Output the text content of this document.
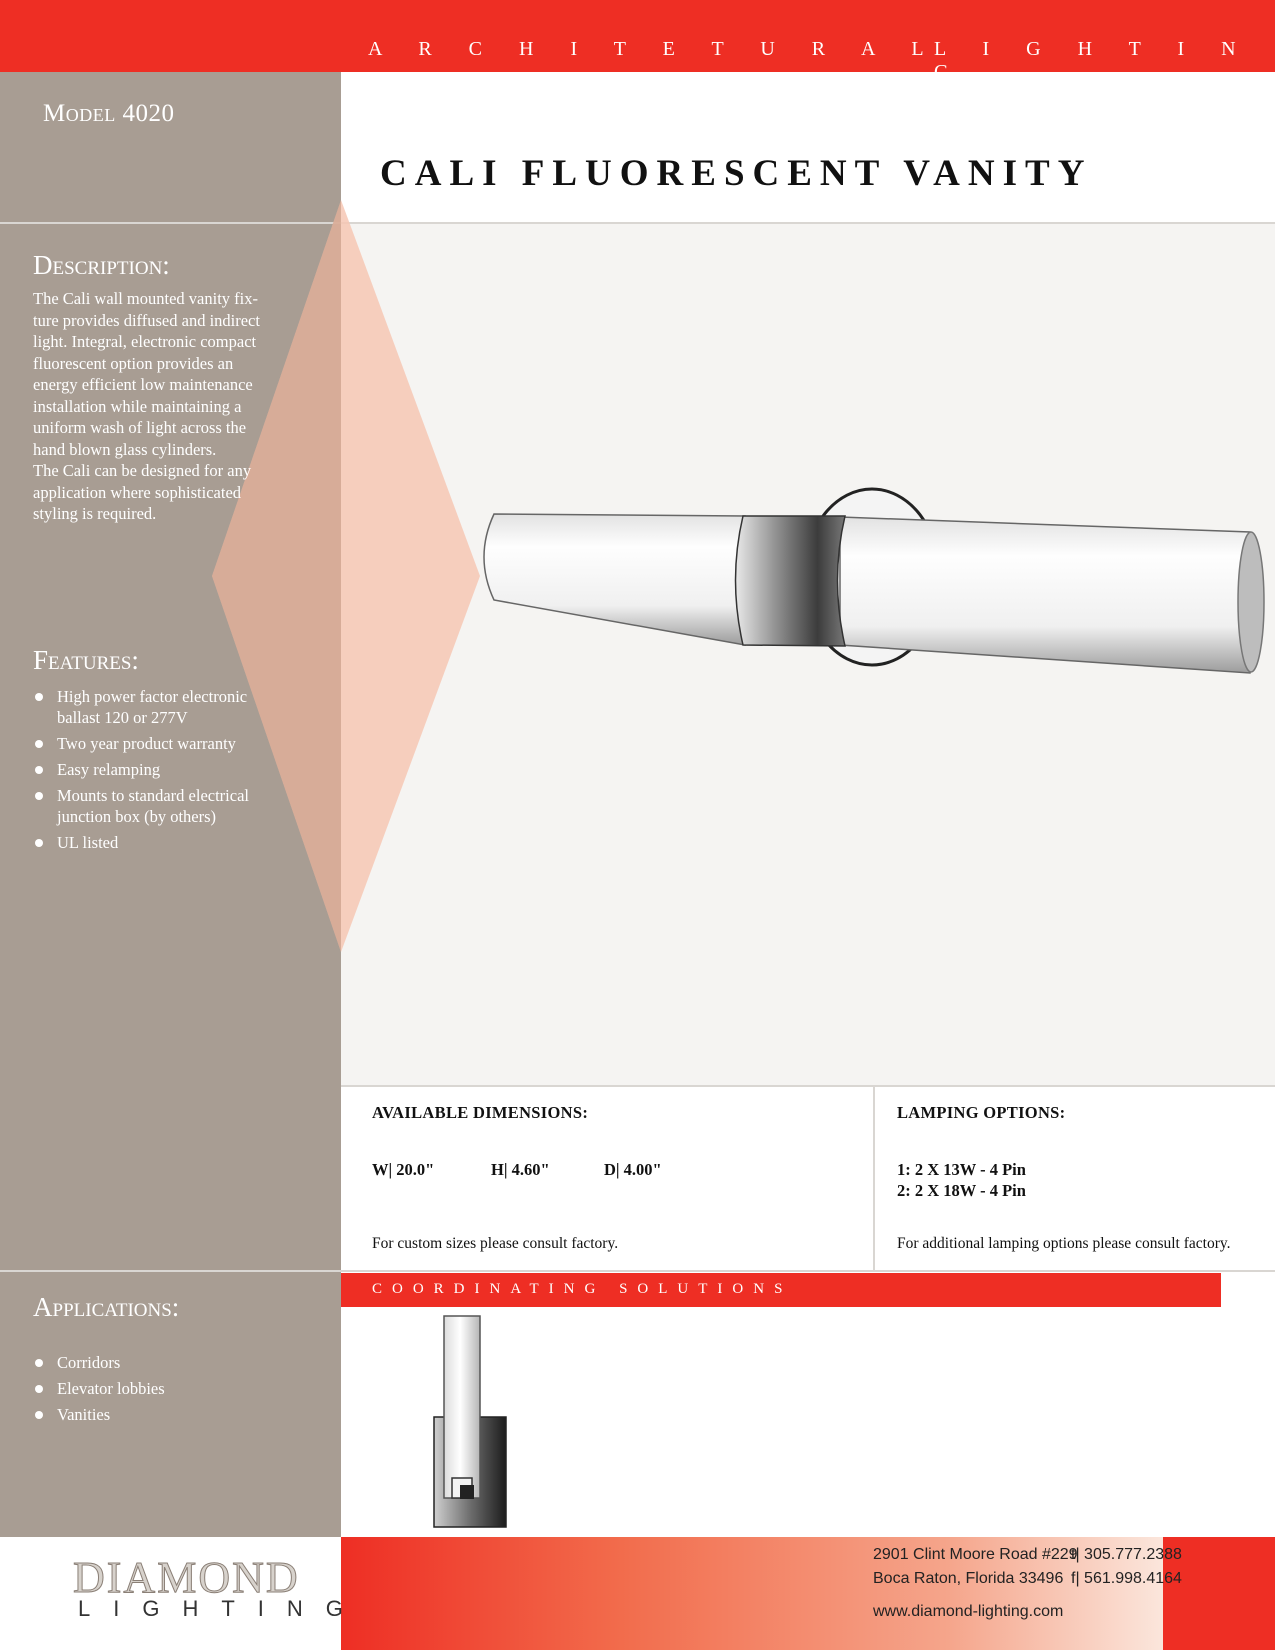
A R C H I T E T U R A L
L I G H T I N G
Model 4020
CALI FLUORESCENT VANITY
Description:
The Cali wall mounted vanity fix-
ture provides diffused and indirect
light. Integral, electronic compact
fluorescent option provides an
energy efficient low maintenance
installation while maintaining a
uniform wash of light across the
hand blown glass cylinders.
The Cali can be designed for any
application where sophisticated
styling is required.
Features:
High power factor electronic
ballast 120 or 277V
Two year product warranty
Easy relamping
Mounts to standard electrical
junction box (by others)
UL listed
AVAILABLE DIMENSIONS:
W| 20.0"	H| 4.60"	D| 4.00"
For custom sizes please consult factory.
LAMPING OPTIONS:
1: 2 X 13W - 4 Pin
2: 2 X 18W - 4 Pin
For additional lamping options please consult factory.
Applications:
Corridors
Elevator lobbies
Vanities
COORDINATING SOLUTIONS
DIAMOND
LIGHTING
2901 Clint Moore Road #229
Boca Raton, Florida 33496
www.diamond-lighting.com
t| 305.777.2388
f| 561.998.4164
